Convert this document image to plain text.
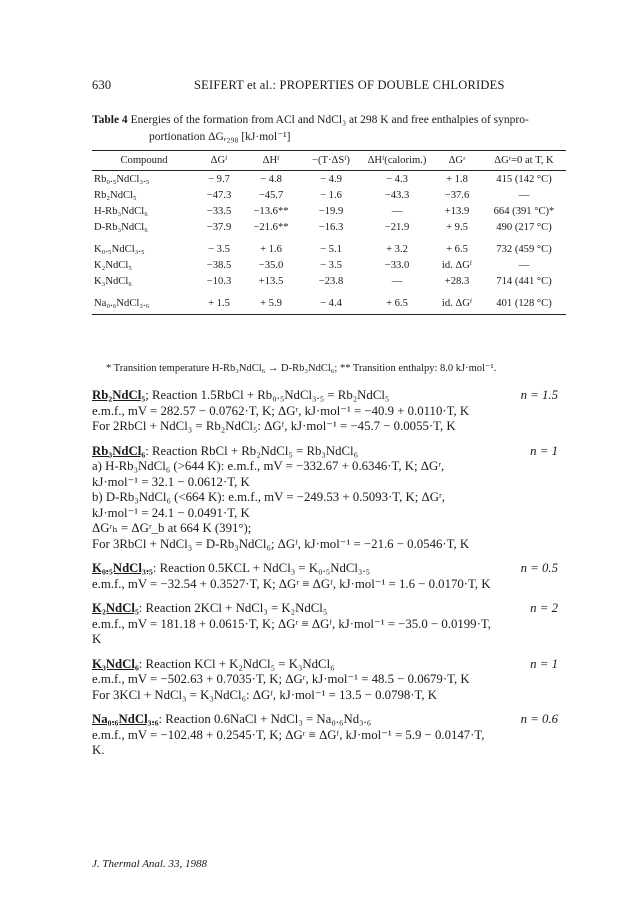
630	SEIFERT et al.: PROPERTIES OF DOUBLE CHLORIDES
Table 4 Energies of the formation from ACl and NdCl₃ at 298 K and free enthalpies of synpro-
portionation ΔGᵣ₂₉₈ [kJ·mol⁻¹]
Compound	ΔGᶠ	ΔHᶠ	−(T·ΔSᶠ)	ΔHᶠ(calorim.)	ΔGʳ	ΔGʳ=0 at T, K
Rb₀.₅NdCl₃.₅	− 9.7	− 4.8	− 4.9	− 4.3	+ 1.8	415 (142 °C)
Rb₂NdCl₅	−47.3	−45.7	− 1.6	−43.3	−37.6	—
H-Rb₃NdCl₆	−33.5	−13.6**	−19.9	—	+13.9	664 (391 °C)*
D-Rb₃NdCl₆	−37.9	−21.6**	−16.3	−21.9	+ 9.5	490 (217 °C)
K₀.₅NdCl₃.₅	− 3.5	+ 1.6	− 5.1	+ 3.2	+ 6.5	732 (459 °C)
K₂NdCl₅	−38.5	−35.0	− 3.5	−33.0	id. ΔGᶠ	—
K₃NdCl₆	−10.3	+13.5	−23.8	—	+28.3	714 (441 °C)
Na₀.₆NdCl₃.₆	+ 1.5	+ 5.9	− 4.4	+ 6.5	id. ΔGᶠ	401 (128 °C)
* Transition temperature H-Rb₃NdCl₆ → D-Rb₃NdCl₆; ** Transition enthalpy: 8.0 kJ·mol⁻¹.
Rb₂NdCl₅; Reaction 1.5RbCl + Rb₀.₅NdCl₃.₅ = Rb₂NdCl₅	n = 1.5
e.m.f., mV = 282.57 − 0.0762·T, K; ΔGʳ, kJ·mol⁻¹ = −40.9 + 0.0110·T, K
For 2RbCl + NdCl₃ = Rb₂NdCl₅: ΔGᶠ, kJ·mol⁻¹ = −45.7 − 0.0055·T, K
Rb₃NdCl₆: Reaction RbCl + Rb₂NdCl₅ = Rb₃NdCl₆	n = 1
a) H-Rb₃NdCl₆ (>644 K): e.m.f., mV = −332.67 + 0.6346·T, K; ΔGʳ,
kJ·mol⁻¹ = 32.1 − 0.0612·T, K
b) D-Rb₃NdCl₆ (<664 K): e.m.f., mV = −249.53 + 0.5093·T, K; ΔGʳ,
kJ·mol⁻¹ = 24.1 − 0.0491·T, K
ΔGʳₕ = ΔGʳ_b at 664 K (391°);
For 3RbCl + NdCl₃ = D-Rb₃NdCl₆; ΔGᶠ, kJ·mol⁻¹ = −21.6 − 0.0546·T, K
K₀.₅NdCl₃.₅: Reaction 0.5KCL + NdCl₃ = K₀.₅NdCl₃.₅	n = 0.5
e.m.f., mV = −32.54 + 0.3527·T, K; ΔGʳ ≡ ΔGᶠ, kJ·mol⁻¹ = 1.6 − 0.0170·T, K
K₂NdCl₅: Reaction 2KCl + NdCl₃ = K₂NdCl₅	n = 2
e.m.f., mV = 181.18 + 0.0615·T, K; ΔGʳ ≡ ΔGᶠ, kJ·mol⁻¹ = −35.0 − 0.0199·T,
K
K₃NdCl₆: Reaction KCl + K₂NdCl₅ = K₃NdCl₆	n = 1
e.m.f., mV = −502.63 + 0.7035·T, K; ΔGʳ, kJ·mol⁻¹ = 48.5 − 0.0679·T, K
For 3KCl + NdCl₃ = K₃NdCl₆: ΔGᶠ, kJ·mol⁻¹ = 13.5 − 0.0798·T, K
Na₀.₆NdCl₃.₆: Reaction 0.6NaCl + NdCl₃ = Na₀.₆Nd₃.₆	n = 0.6
e.m.f., mV = −102.48 + 0.2545·T, K; ΔGʳ ≡ ΔGᶠ, kJ·mol⁻¹ = 5.9 − 0.0147·T,
K.
J. Thermal Anal. 33, 1988
